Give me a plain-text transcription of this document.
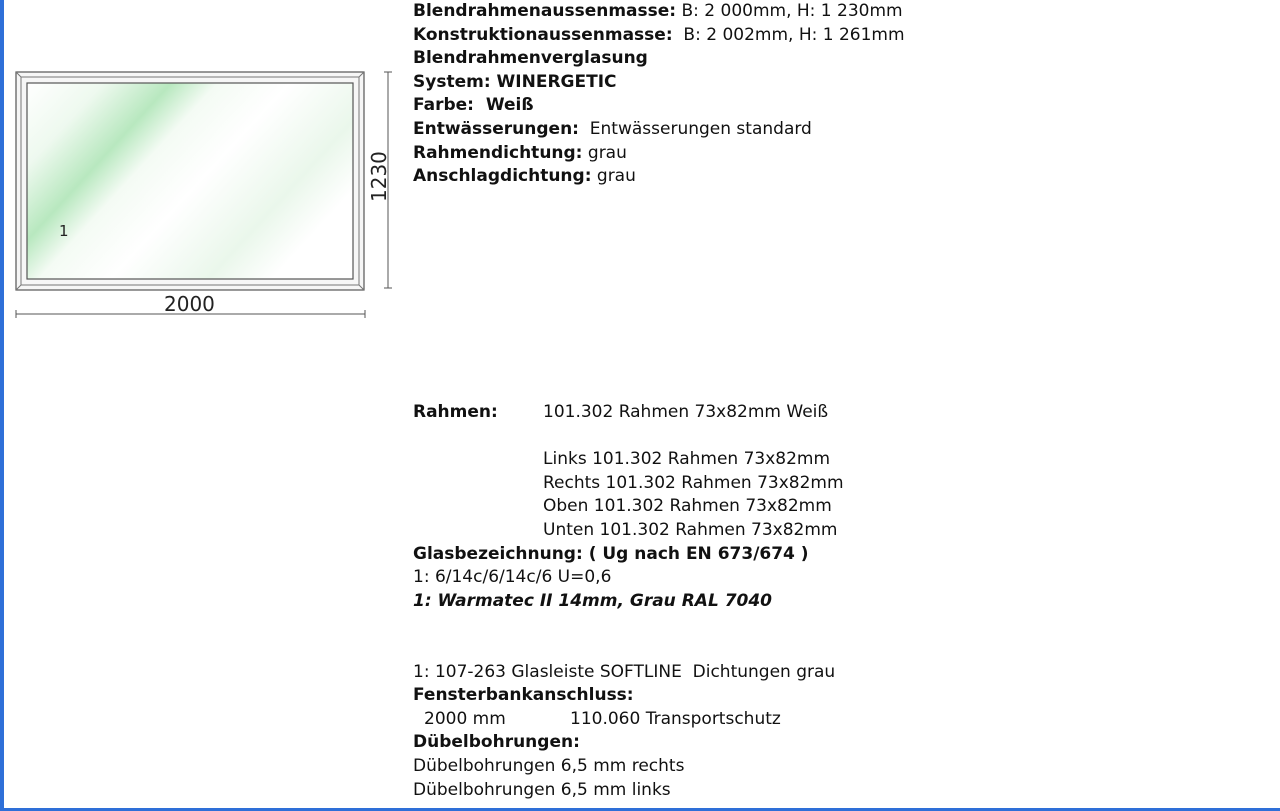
1
1230
2000
Blendrahmenaussenmasse: B: 2 000mm, H: 1 230mm
Konstruktionaussenmasse:  B: 2 002mm, H: 1 261mm
Blendrahmenverglasung
System: WINERGETIC
Farbe:  Weiß
Entwässerungen:  Entwässerungen standard
Rahmendichtung: grau
Anschlagdichtung: grau
Rahmen:	101.302 Rahmen 73x82mm Weiß
Links 101.302 Rahmen 73x82mm
Rechts 101.302 Rahmen 73x82mm
Oben 101.302 Rahmen 73x82mm
Unten 101.302 Rahmen 73x82mm
Glasbezeichnung: ( Ug nach EN 673/674 )
1: 6/14c/6/14c/6 U=0,6
1: Warmatec II 14mm, Grau RAL 7040
1: 107-263 Glasleiste SOFTLINE  Dichtungen grau
Fensterbankanschluss:
2000 mm	110.060 Transportschutz
Dübelbohrungen:
Dübelbohrungen 6,5 mm rechts
Dübelbohrungen 6,5 mm links
